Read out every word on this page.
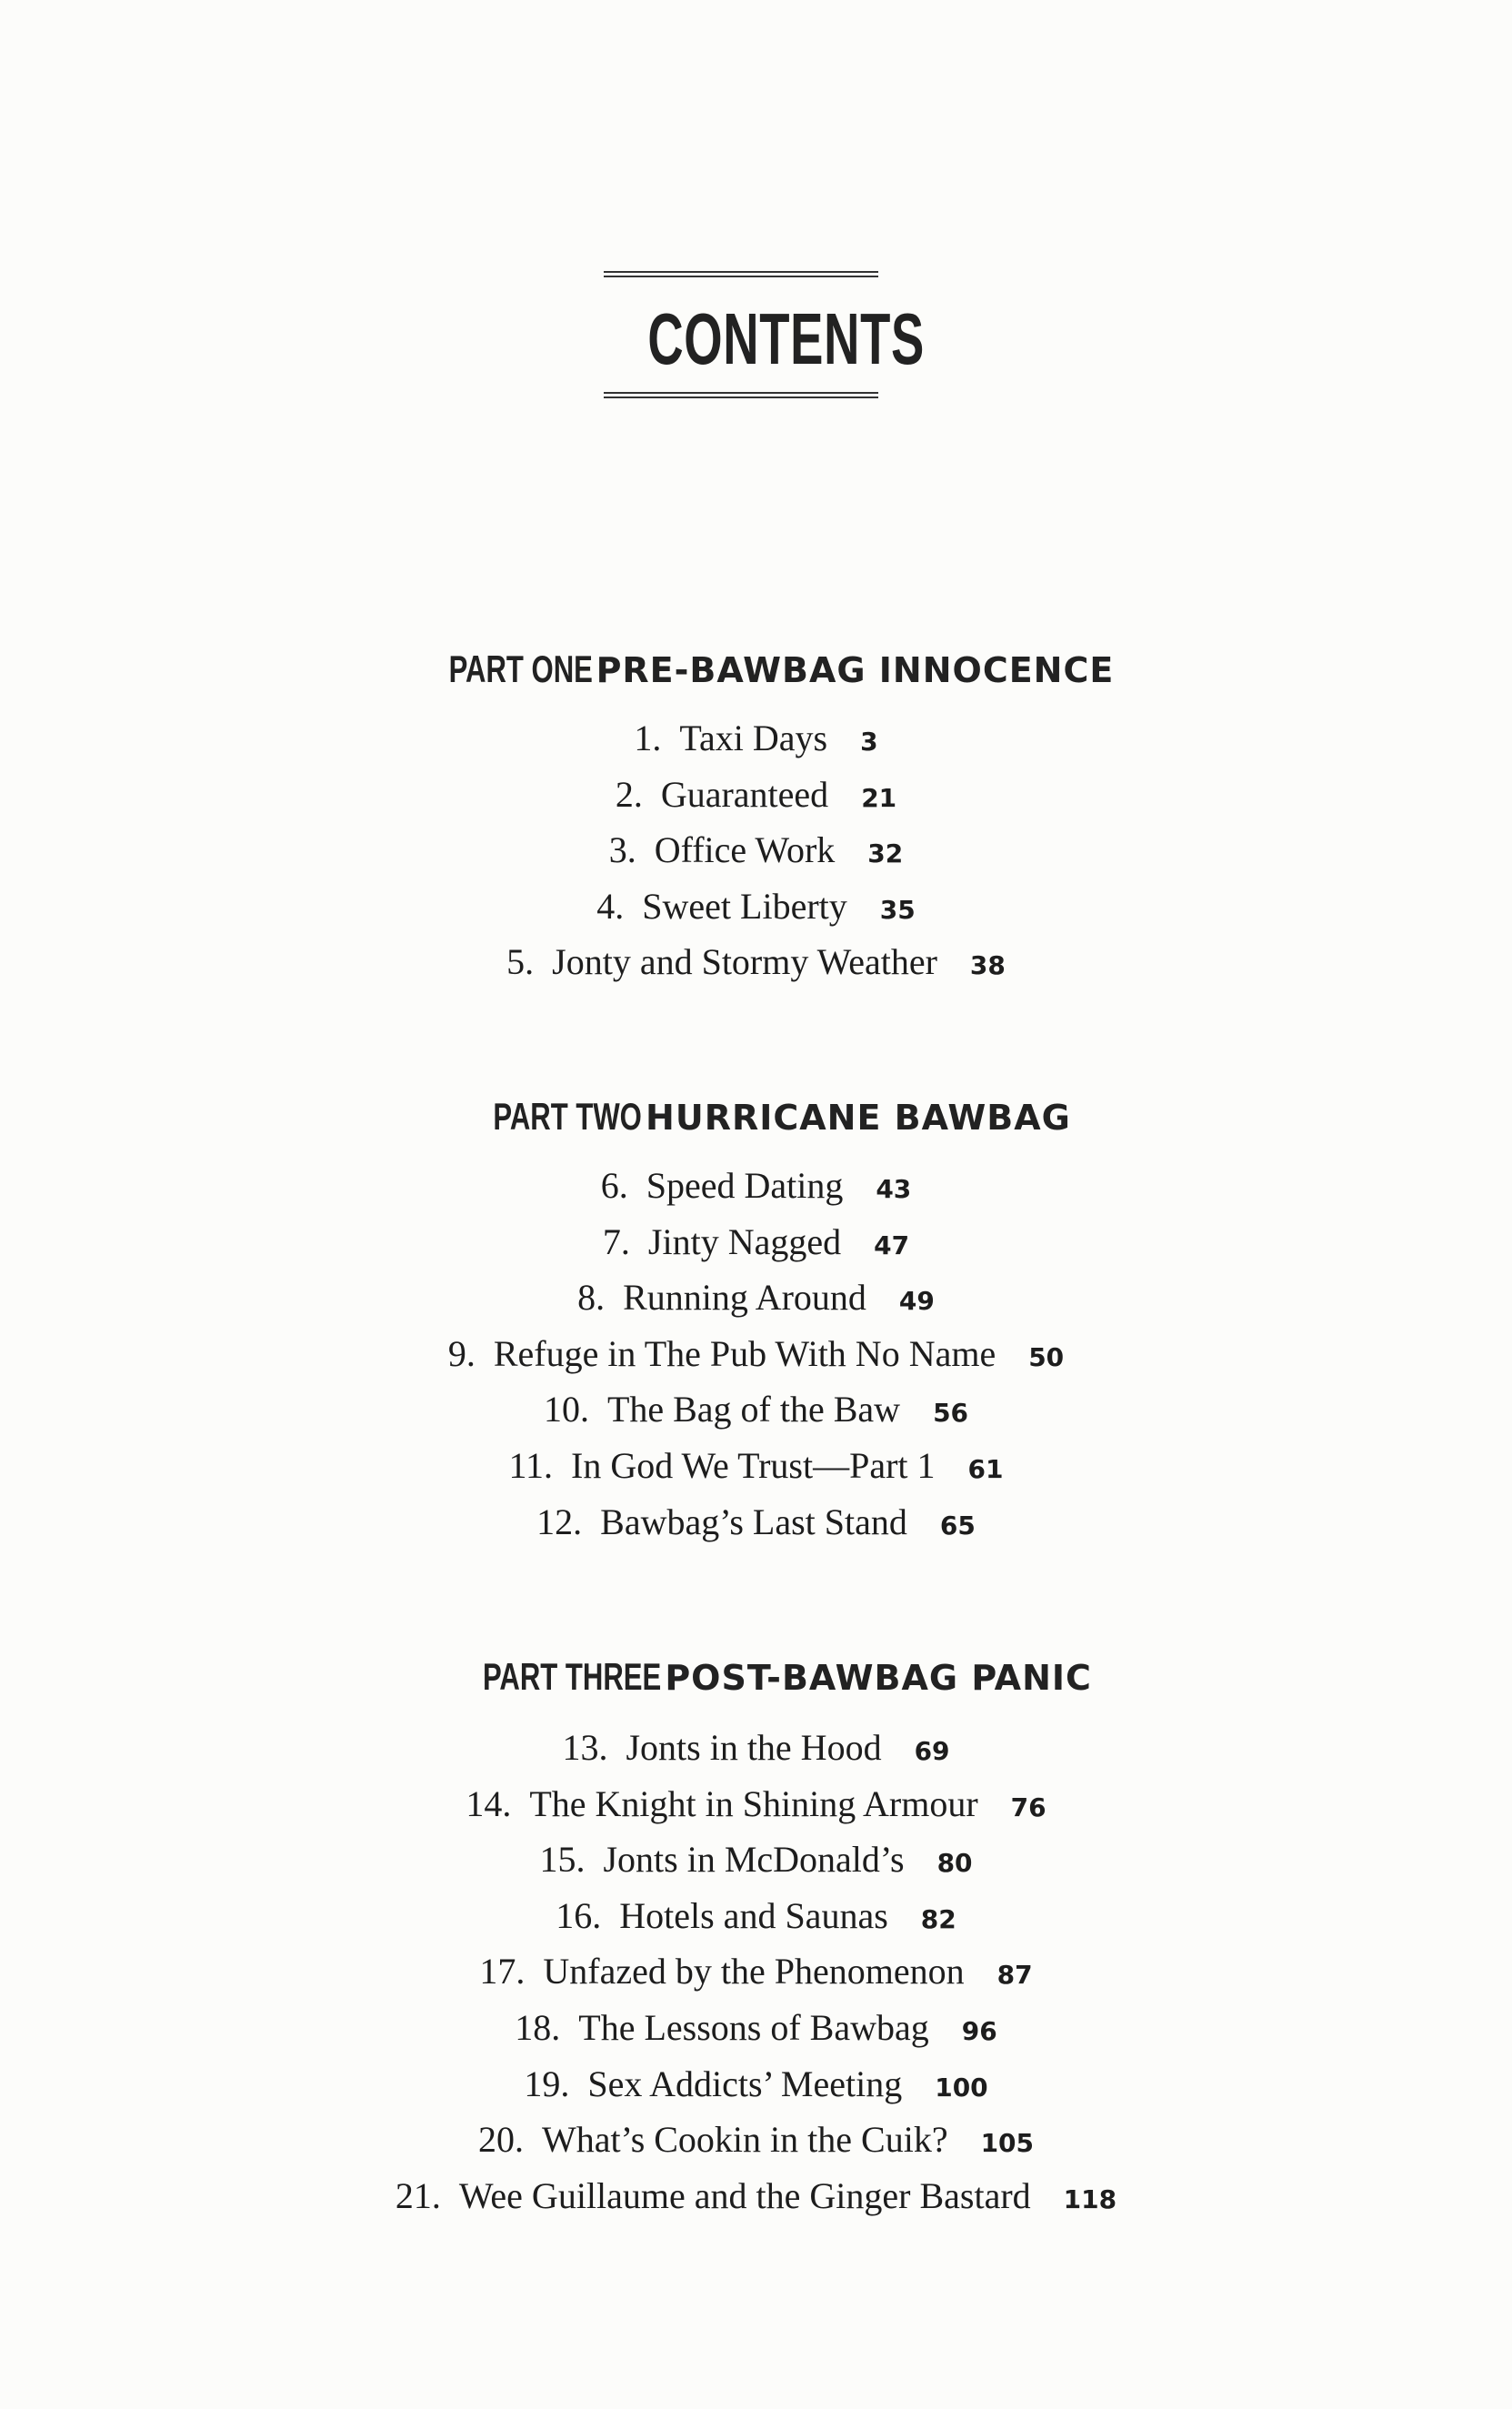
CONTENTS
PART ONE PRE-BAWBAG INNOCENCE
1. Taxi Days 3
2. Guaranteed 21
3. Office Work 32
4. Sweet Liberty 35
5. Jonty and Stormy Weather 38
PART TWO HURRICANE BAWBAG
6. Speed Dating 43
7. Jinty Nagged 47
8. Running Around 49
9. Refuge in The Pub With No Name 50
10. The Bag of the Baw 56
11. In God We Trust—Part 1 61
12. Bawbag’s Last Stand 65
PART THREE POST-BAWBAG PANIC
13. Jonts in the Hood 69
14. The Knight in Shining Armour 76
15. Jonts in McDonald’s 80
16. Hotels and Saunas 82
17. Unfazed by the Phenomenon 87
18. The Lessons of Bawbag 96
19. Sex Addicts’ Meeting 100
20. What’s Cookin in the Cuik? 105
21. Wee Guillaume and the Ginger Bastard 118
